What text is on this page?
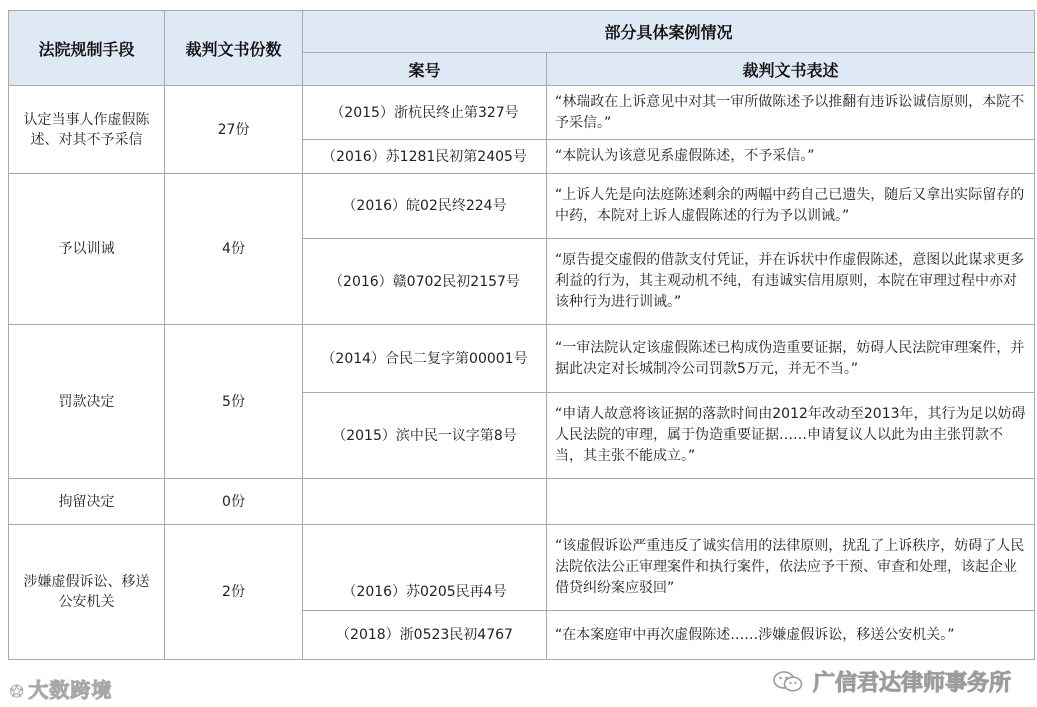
法院规制手段	裁判文书份数	部分具体案例情况	
		案号	裁判文书表述
认定当事人作虚假陈述、对其不予采信	27份	（2015）浙杭民终止第327号	“林瑞政在上诉意见中对其一审所做陈述予以推翻有违诉讼诚信原则，本院不予采信。”
		（2016）苏1281民初第2405号	“本院认为该意见系虚假陈述，不予采信。”
予以训诫	4份	（2016）皖02民终224号	“上诉人先是向法庭陈述剩余的两幅中药自己已遗失，随后又拿出实际留存的中药，本院对上诉人虚假陈述的行为予以训诫。”
		（2016）赣0702民初2157号	“原告提交虚假的借款支付凭证，并在诉状中作虚假陈述，意图以此谋求更多利益的行为，其主观动机不纯，有违诚实信用原则，本院在审理过程中亦对该种行为进行训诫。”
罚款决定	5份	（2014）合民二复字第00001号	“一审法院认定该虚假陈述已构成伪造重要证据，妨碍人民法院审理案件，并据此决定对长城制冷公司罚款5万元，并无不当。”
		（2015）滨中民一议字第8号	“申请人故意将该证据的落款时间由2012年改动至2013年，其行为足以妨碍人民法院的审理，属于伪造重要证据……申请复议人以此为由主张罚款不当，其主张不能成立。”
拘留决定	0份		
涉嫌虚假诉讼、移送公安机关	2份	（2016）苏0205民再4号	“该虚假诉讼严重违反了诚实信用的法律原则，扰乱了上诉秩序，妨碍了人民法院依法公正审理案件和执行案件，依法应予干预、审查和处理，该起企业借贷纠纷案应驳回”
		（2018）浙0523民初4767	“在本案庭审中再次虚假陈述……涉嫌虚假诉讼，移送公安机关。”
✪ 大数跨境	广信君达律师事务所
